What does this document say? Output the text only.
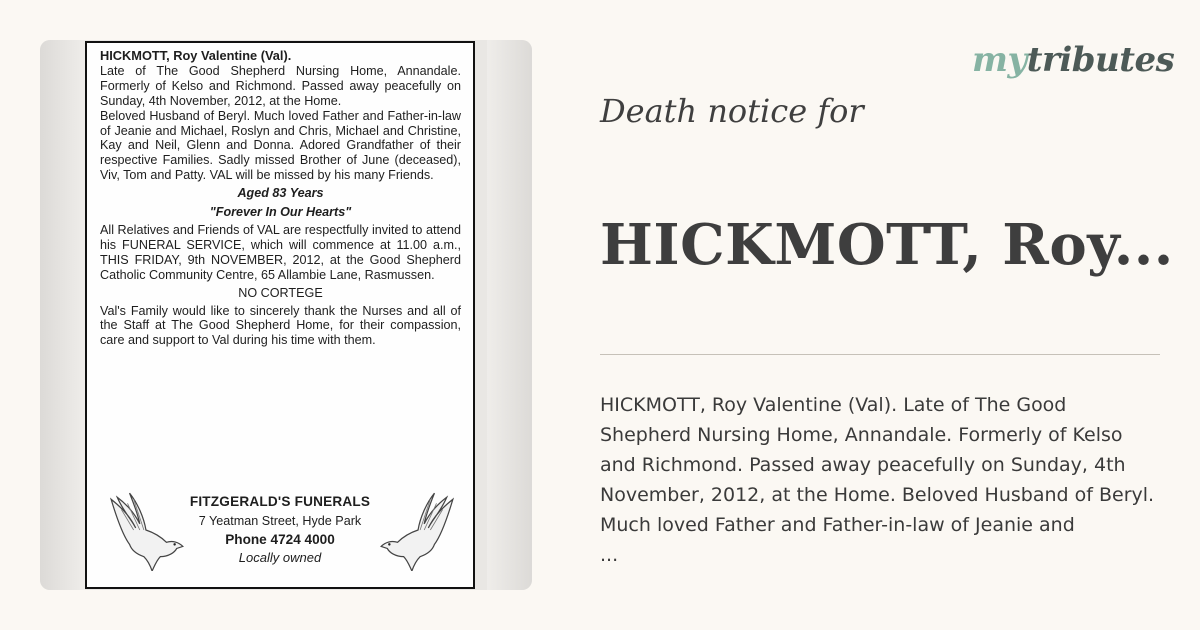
HICKMOTT, Roy Valentine (Val).

Late of The Good Shepherd Nursing Home, Annandale. Formerly of Kelso and Richmond. Passed away peacefully on Sunday, 4th November, 2012, at the Home.

Beloved Husband of Beryl. Much loved Father and Father-in-law of Jeanie and Michael, Roslyn and Chris, Michael and Christine, Kay and Neil, Glenn and Donna. Adored Grandfather of their respective Families. Sadly missed Brother of June (deceased), Viv, Tom and Patty. VAL will be missed by his many Friends.

Aged 83 Years
"Forever In Our Hearts"

All Relatives and Friends of VAL are respectfully invited to attend his FUNERAL SERVICE, which will commence at 11.00 a.m., THIS FRIDAY, 9th NOVEMBER, 2012, at the Good Shepherd Catholic Community Centre, 65 Allambie Lane, Rasmussen.

NO CORTEGE

Val's Family would like to sincerely thank the Nurses and all of the Staff at The Good Shepherd Home, for their compassion, care and support to Val during his time with them.

FITZGERALD'S FUNERALS
7 Yeatman Street, Hyde Park
Phone 4724 4000
Locally owned
mytributes
Death notice for
HICKMOTT, Roy...
HICKMOTT, Roy Valentine (Val). Late of The Good Shepherd Nursing Home, Annandale. Formerly of Kelso and Richmond. Passed away peacefully on Sunday, 4th November, 2012, at the Home. Beloved Husband of Beryl. Much loved Father and Father-in-law of Jeanie and
...
